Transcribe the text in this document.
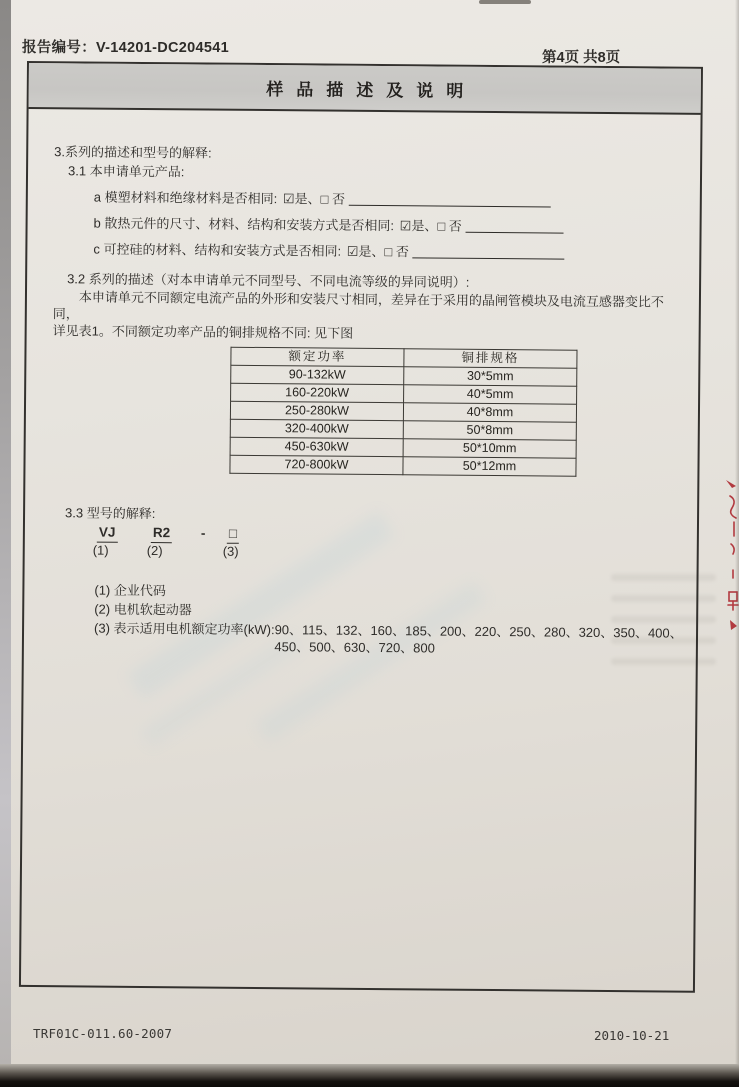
报告编号：V-14201-DC204541
第4页 共8页
样品描述及说明
3.系列的描述和型号的解释:
3.1 本申请单元产品:
a 模塑材料和绝缘材料是否相同: ☑是、□ 否
b 散热元件的尺寸、材料、结构和安装方式是否相同: ☑是、□ 否
c 可控硅的材料、结构和安装方式是否相同: ☑是、□ 否
3.2 系列的描述（对本申请单元不同型号、不同电流等级的异同说明）:
本申请单元不同额定电流产品的外形和安装尺寸相同，差异在于采用的晶闸管模块及电流互感器变比不同，
详见表1。不同额定功率产品的铜排规格不同: 见下图
额定功率	铜排规格
90-132kW	30*5mm
160-220kW	40*5mm
250-280kW	40*8mm
320-400kW	50*8mm
450-630kW	50*10mm
720-800kW	50*12mm
3.3 型号的解释:
VJ	R2 - □
(1)	(2)	(3)
(1) 企业代码
(2) 电机软起动器
(3) 表示适用电机额定功率(kW): 90、115、132、160、185、200、220、250、280、320、350、400、
450、500、630、720、800
TRF01C-011.60-2007	2010-10-21
